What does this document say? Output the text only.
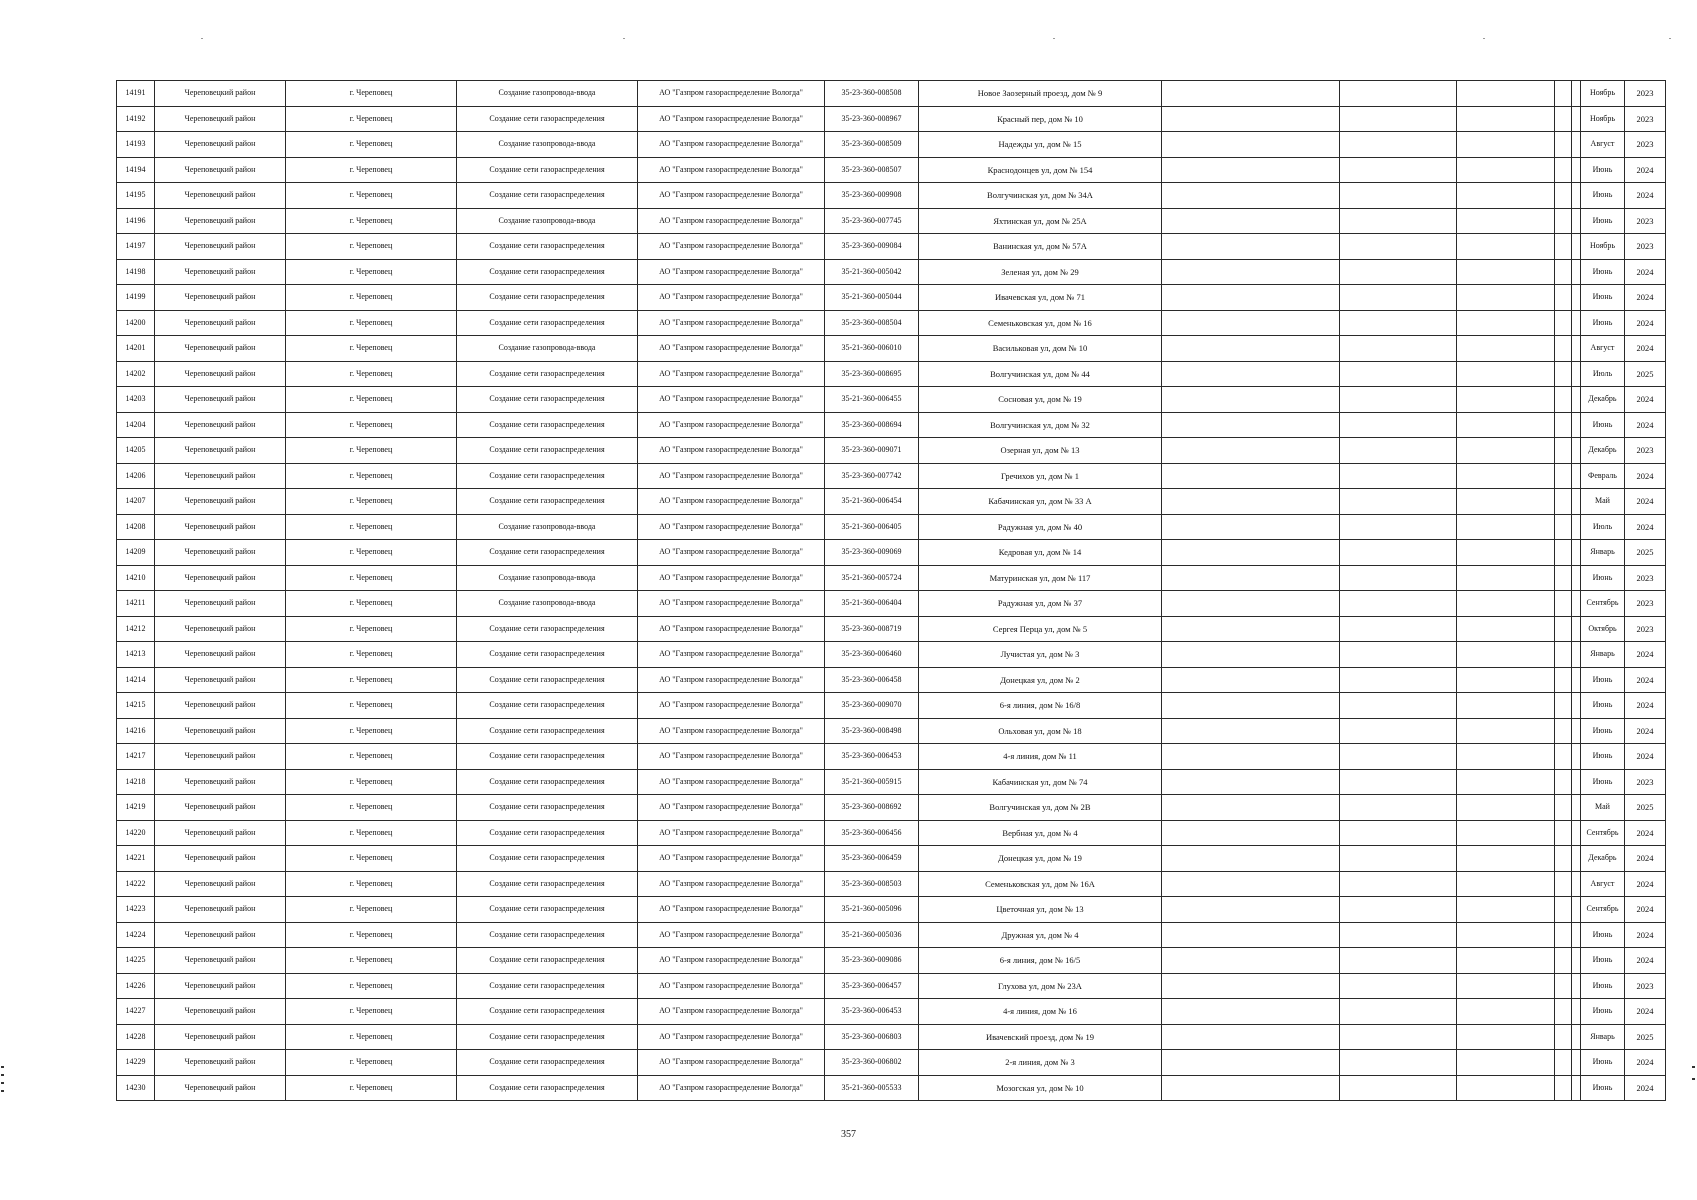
14191	Череповецкий район	г. Череповец	Создание газопровода-ввода	АО "Газпром газораспределение Вологда"	35-23-360-008508	Новое Заозерный проезд, дом № 9						Ноябрь	2023
14192	Череповецкий район	г. Череповец	Создание сети газораспределения	АО "Газпром газораспределение Вологда"	35-23-360-008967	Красный пер, дом № 10						Ноябрь	2023
14193	Череповецкий район	г. Череповец	Создание газопровода-ввода	АО "Газпром газораспределение Вологда"	35-23-360-008509	Надежды ул, дом № 15						Август	2023
14194	Череповецкий район	г. Череповец	Создание сети газораспределения	АО "Газпром газораспределение Вологда"	35-23-360-008507	Краснодонцев ул, дом № 154						Июнь	2024
14195	Череповецкий район	г. Череповец	Создание сети газораспределения	АО "Газпром газораспределение Вологда"	35-23-360-009908	Волгучинская ул, дом № 34А						Июнь	2024
14196	Череповецкий район	г. Череповец	Создание газопровода-ввода	АО "Газпром газораспределение Вологда"	35-23-360-007745	Яхтинская ул, дом № 25А						Июнь	2023
14197	Череповецкий район	г. Череповец	Создание сети газораспределения	АО "Газпром газораспределение Вологда"	35-23-360-009084	Ванинская ул, дом № 57А						Ноябрь	2023
14198	Череповецкий район	г. Череповец	Создание сети газораспределения	АО "Газпром газораспределение Вологда"	35-21-360-005042	Зеленая ул, дом № 29						Июнь	2024
14199	Череповецкий район	г. Череповец	Создание сети газораспределения	АО "Газпром газораспределение Вологда"	35-21-360-005044	Ивачевская ул, дом № 71						Июнь	2024
14200	Череповецкий район	г. Череповец	Создание сети газораспределения	АО "Газпром газораспределение Вологда"	35-23-360-008504	Семеньковская ул, дом № 16						Июнь	2024
14201	Череповецкий район	г. Череповец	Создание газопровода-ввода	АО "Газпром газораспределение Вологда"	35-21-360-006010	Васильковая ул, дом № 10						Август	2024
14202	Череповецкий район	г. Череповец	Создание сети газораспределения	АО "Газпром газораспределение Вологда"	35-23-360-008695	Волгучинская ул, дом № 44						Июль	2025
14203	Череповецкий район	г. Череповец	Создание сети газораспределения	АО "Газпром газораспределение Вологда"	35-21-360-006455	Сосновая ул, дом № 19						Декабрь	2024
14204	Череповецкий район	г. Череповец	Создание сети газораспределения	АО "Газпром газораспределение Вологда"	35-23-360-008694	Волгучинская ул, дом № 32						Июнь	2024
14205	Череповецкий район	г. Череповец	Создание сети газораспределения	АО "Газпром газораспределение Вологда"	35-23-360-009071	Озерная ул, дом № 13						Декабрь	2023
14206	Череповецкий район	г. Череповец	Создание сети газораспределения	АО "Газпром газораспределение Вологда"	35-23-360-007742	Гречихов ул, дом № 1						Февраль	2024
14207	Череповецкий район	г. Череповец	Создание сети газораспределения	АО "Газпром газораспределение Вологда"	35-21-360-006454	Кабачинская ул, дом № 33 А						Май	2024
14208	Череповецкий район	г. Череповец	Создание газопровода-ввода	АО "Газпром газораспределение Вологда"	35-21-360-006405	Радужная ул, дом № 40						Июль	2024
14209	Череповецкий район	г. Череповец	Создание сети газораспределения	АО "Газпром газораспределение Вологда"	35-23-360-009069	Кедровая ул, дом № 14						Январь	2025
14210	Череповецкий район	г. Череповец	Создание газопровода-ввода	АО "Газпром газораспределение Вологда"	35-21-360-005724	Матуринская ул, дом № 117						Июнь	2023
14211	Череповецкий район	г. Череповец	Создание газопровода-ввода	АО "Газпром газораспределение Вологда"	35-21-360-006404	Радужная ул, дом № 37						Сентябрь	2023
14212	Череповецкий район	г. Череповец	Создание сети газораспределения	АО "Газпром газораспределение Вологда"	35-23-360-008719	Сергея Перца ул, дом № 5						Октябрь	2023
14213	Череповецкий район	г. Череповец	Создание сети газораспределения	АО "Газпром газораспределение Вологда"	35-23-360-006460	Лучистая ул, дом № 3						Январь	2024
14214	Череповецкий район	г. Череповец	Создание сети газораспределения	АО "Газпром газораспределение Вологда"	35-23-360-006458	Донецкая ул, дом № 2						Июнь	2024
14215	Череповецкий район	г. Череповец	Создание сети газораспределения	АО "Газпром газораспределение Вологда"	35-23-360-009070	6-я линия, дом № 16/8						Июнь	2024
14216	Череповецкий район	г. Череповец	Создание сети газораспределения	АО "Газпром газораспределение Вологда"	35-23-360-008498	Ольховая ул, дом № 18						Июнь	2024
14217	Череповецкий район	г. Череповец	Создание сети газораспределения	АО "Газпром газораспределение Вологда"	35-23-360-006453	4-я линия, дом № 11						Июнь	2024
14218	Череповецкий район	г. Череповец	Создание сети газораспределения	АО "Газпром газораспределение Вологда"	35-21-360-005915	Кабачинская ул, дом № 74						Июнь	2023
14219	Череповецкий район	г. Череповец	Создание сети газораспределения	АО "Газпром газораспределение Вологда"	35-23-360-008692	Волгучинская ул, дом № 2В						Май	2025
14220	Череповецкий район	г. Череповец	Создание сети газораспределения	АО "Газпром газораспределение Вологда"	35-23-360-006456	Вербная ул, дом № 4						Сентябрь	2024
14221	Череповецкий район	г. Череповец	Создание сети газораспределения	АО "Газпром газораспределение Вологда"	35-23-360-006459	Донецкая ул, дом № 19						Декабрь	2024
14222	Череповецкий район	г. Череповец	Создание сети газораспределения	АО "Газпром газораспределение Вологда"	35-23-360-008503	Семеньковская ул, дом № 16А						Август	2024
14223	Череповецкий район	г. Череповец	Создание сети газораспределения	АО "Газпром газораспределение Вологда"	35-21-360-005096	Цветочная ул, дом № 13						Сентябрь	2024
14224	Череповецкий район	г. Череповец	Создание сети газораспределения	АО "Газпром газораспределение Вологда"	35-21-360-005036	Дружная ул, дом № 4						Июнь	2024
14225	Череповецкий район	г. Череповец	Создание сети газораспределения	АО "Газпром газораспределение Вологда"	35-23-360-009086	6-я линия, дом № 16/5						Июнь	2024
14226	Череповецкий район	г. Череповец	Создание сети газораспределения	АО "Газпром газораспределение Вологда"	35-23-360-006457	Глухова ул, дом № 23А						Июнь	2023
14227	Череповецкий район	г. Череповец	Создание сети газораспределения	АО "Газпром газораспределение Вологда"	35-23-360-006453	4-я линия, дом № 16						Июнь	2024
14228	Череповецкий район	г. Череповец	Создание сети газораспределения	АО "Газпром газораспределение Вологда"	35-23-360-006803	Ивачевский проезд, дом № 19						Январь	2025
14229	Череповецкий район	г. Череповец	Создание сети газораспределения	АО "Газпром газораспределение Вологда"	35-23-360-006802	2-я линия, дом № 3						Июнь	2024
14230	Череповецкий район	г. Череповец	Создание сети газораспределения	АО "Газпром газораспределение Вологда"	35-21-360-005533	Мозогская ул, дом № 10						Июнь	2024
357
